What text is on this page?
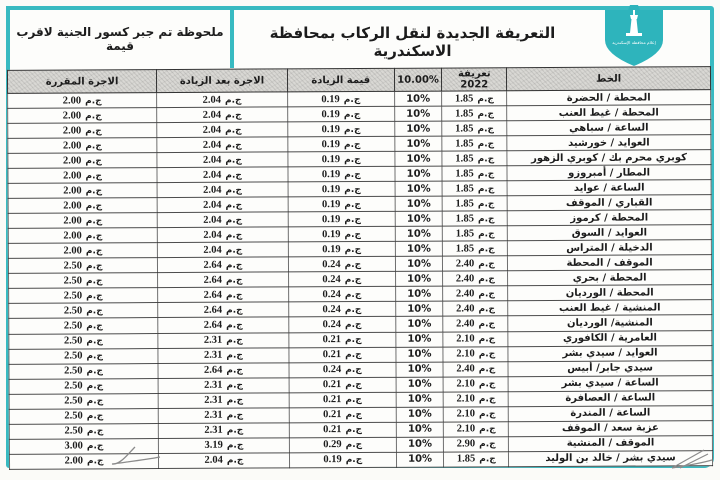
ملحوظة تم جبر كسور الجنية لاقرب قيمة
التعريفة الجديدة لنقل الركاب بمحافظة الاسكندرية	إعلام محافظة الإسكندرية
الخط	تعريفة 2022	10.00%	قيمة الزيادة	الاجرة بعد الزيادة	الاجرة المقررة
المحطة / الحضرة	1.85 ج.م	10%	0.19 ج.م	2.04 ج.م	2.00 ج.م
المحطة / غيط العنب	1.85 ج.م	10%	0.19 ج.م	2.04 ج.م	2.00 ج.م
الساعة / سباهي	1.85 ج.م	10%	0.19 ج.م	2.04 ج.م	2.00 ج.م
العوايد / خورشيد	1.85 ج.م	10%	0.19 ج.م	2.04 ج.م	2.00 ج.م
كوبري محرم بك / كوبري الزهور	1.85 ج.م	10%	0.19 ج.م	2.04 ج.م	2.00 ج.م
المطار / أمبروزو	1.85 ج.م	10%	0.19 ج.م	2.04 ج.م	2.00 ج.م
الساعة / عوايد	1.85 ج.م	10%	0.19 ج.م	2.04 ج.م	2.00 ج.م
القباري / الموقف	1.85 ج.م	10%	0.19 ج.م	2.04 ج.م	2.00 ج.م
المحطة / كرموز	1.85 ج.م	10%	0.19 ج.م	2.04 ج.م	2.00 ج.م
العوايد / السوق	1.85 ج.م	10%	0.19 ج.م	2.04 ج.م	2.00 ج.م
الدخيلة / المتراس	1.85 ج.م	10%	0.19 ج.م	2.04 ج.م	2.00 ج.م
الموقف / المحطة	2.40 ج.م	10%	0.24 ج.م	2.64 ج.م	2.50 ج.م
المحطة / بحري	2.40 ج.م	10%	0.24 ج.م	2.64 ج.م	2.50 ج.م
المحطة / الورديان	2.40 ج.م	10%	0.24 ج.م	2.64 ج.م	2.50 ج.م
المنشية / غيط العنب	2.40 ج.م	10%	0.24 ج.م	2.64 ج.م	2.50 ج.م
المنشية/ الورديان	2.40 ج.م	10%	0.24 ج.م	2.64 ج.م	2.50 ج.م
العامرية / الكافوري	2.10 ج.م	10%	0.21 ج.م	2.31 ج.م	2.50 ج.م
العوايد / سيدي بشر	2.10 ج.م	10%	0.21 ج.م	2.31 ج.م	2.50 ج.م
سيدي جابر/ أبيس	2.40 ج.م	10%	0.24 ج.م	2.64 ج.م	2.50 ج.م
الساعة / سيدي بشر	2.10 ج.م	10%	0.21 ج.م	2.31 ج.م	2.50 ج.م
الساعة / العصافرة	2.10 ج.م	10%	0.21 ج.م	2.31 ج.م	2.50 ج.م
الساعة / المندرة	2.10 ج.م	10%	0.21 ج.م	2.31 ج.م	2.50 ج.م
عزبة سعد / الموقف	2.10 ج.م	10%	0.21 ج.م	2.31 ج.م	2.50 ج.م
الموقف / المنشية	2.90 ج.م	10%	0.29 ج.م	3.19 ج.م	3.00 ج.م
سيدي بشر / خالد بن الوليد	1.85 ج.م	10%	0.19 ج.م	2.04 ج.م	2.00 ج.م
